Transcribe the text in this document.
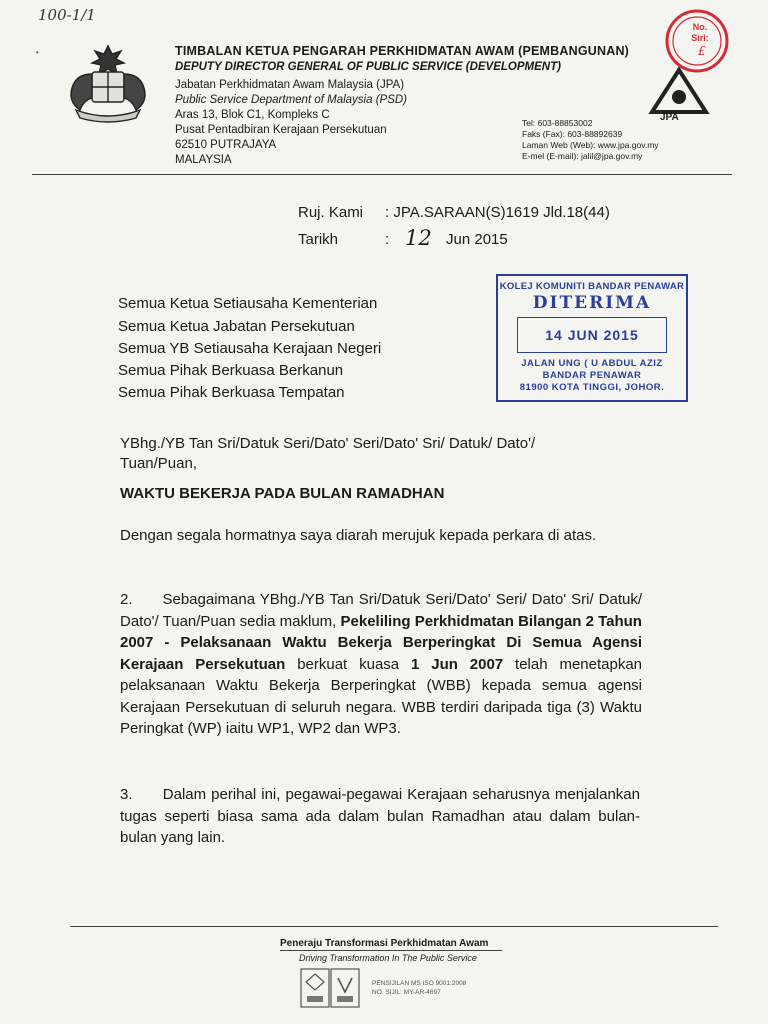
100-1/1
•	TIMBALAN KETUA PENGARAH PERKHIDMATAN AWAM (PEMBANGUNAN)
DEPUTY DIRECTOR GENERAL OF PUBLIC SERVICE (DEVELOPMENT)
Jabatan Perkhidmatan Awam Malaysia (JPA)
Public Service Department of Malaysia (PSD)
Aras 13, Blok C1, Kompleks C
Pusat Pentadbiran Kerajaan Persekutuan
62510 PUTRAJAYA
MALAYSIA
Tel: 603-88853002
Faks (Fax): 603-88892639
Laman Web (Web): www.jpa.gov.my
E-mel (E-mail): jalil@jpa.gov.my
JPA
No.
Siri:
£
Ruj. Kami : JPA.SARAAN(S)1619 Jld.18(44)
Tarikh	: 12 Jun 2015
KOLEJ KOMUNITI BANDAR PENAWAR
DITERIMA
14 JUN 2015
JALAN UNG ( U ABDUL AZIZ
BANDAR PENAWAR
81900 KOTA TINGGI, JOHOR.
Semua Ketua Setiausaha Kementerian
Semua Ketua Jabatan Persekutuan
Semua YB Setiausaha Kerajaan Negeri
Semua Pihak Berkuasa Berkanun
Semua Pihak Berkuasa Tempatan
YBhg./YB Tan Sri/Datuk Seri/Dato' Seri/Dato' Sri/ Datuk/ Dato'/
Tuan/Puan,
WAKTU BEKERJA PADA BULAN RAMADHAN
Dengan segala hormatnya saya diarah merujuk kepada perkara di atas.
2. Sebagaimana YBhg./YB Tan Sri/Datuk Seri/Dato' Seri/ Dato' Sri/ Datuk/ Dato'/ Tuan/Puan sedia maklum, Pekeliling Perkhidmatan Bilangan 2 Tahun 2007 - Pelaksanaan Waktu Bekerja Berperingkat Di Semua Agensi Kerajaan Persekutuan berkuat kuasa 1 Jun 2007 telah menetapkan pelaksanaan Waktu Bekerja Berperingkat (WBB) kepada semua agensi Kerajaan Persekutuan di seluruh negara. WBB terdiri daripada tiga (3) Waktu Peringkat (WP) iaitu WP1, WP2 dan WP3.
3. Dalam perihal ini, pegawai-pegawai Kerajaan seharusnya menjalankan tugas seperti biasa sama ada dalam bulan Ramadhan atau dalam bulan-bulan yang lain.
Peneraju Transformasi Perkhidmatan Awam
Driving Transformation In The Public Service
PENSIJILAN MS ISO 9001:2008
NO. SIJIL: MY-AR-4697
